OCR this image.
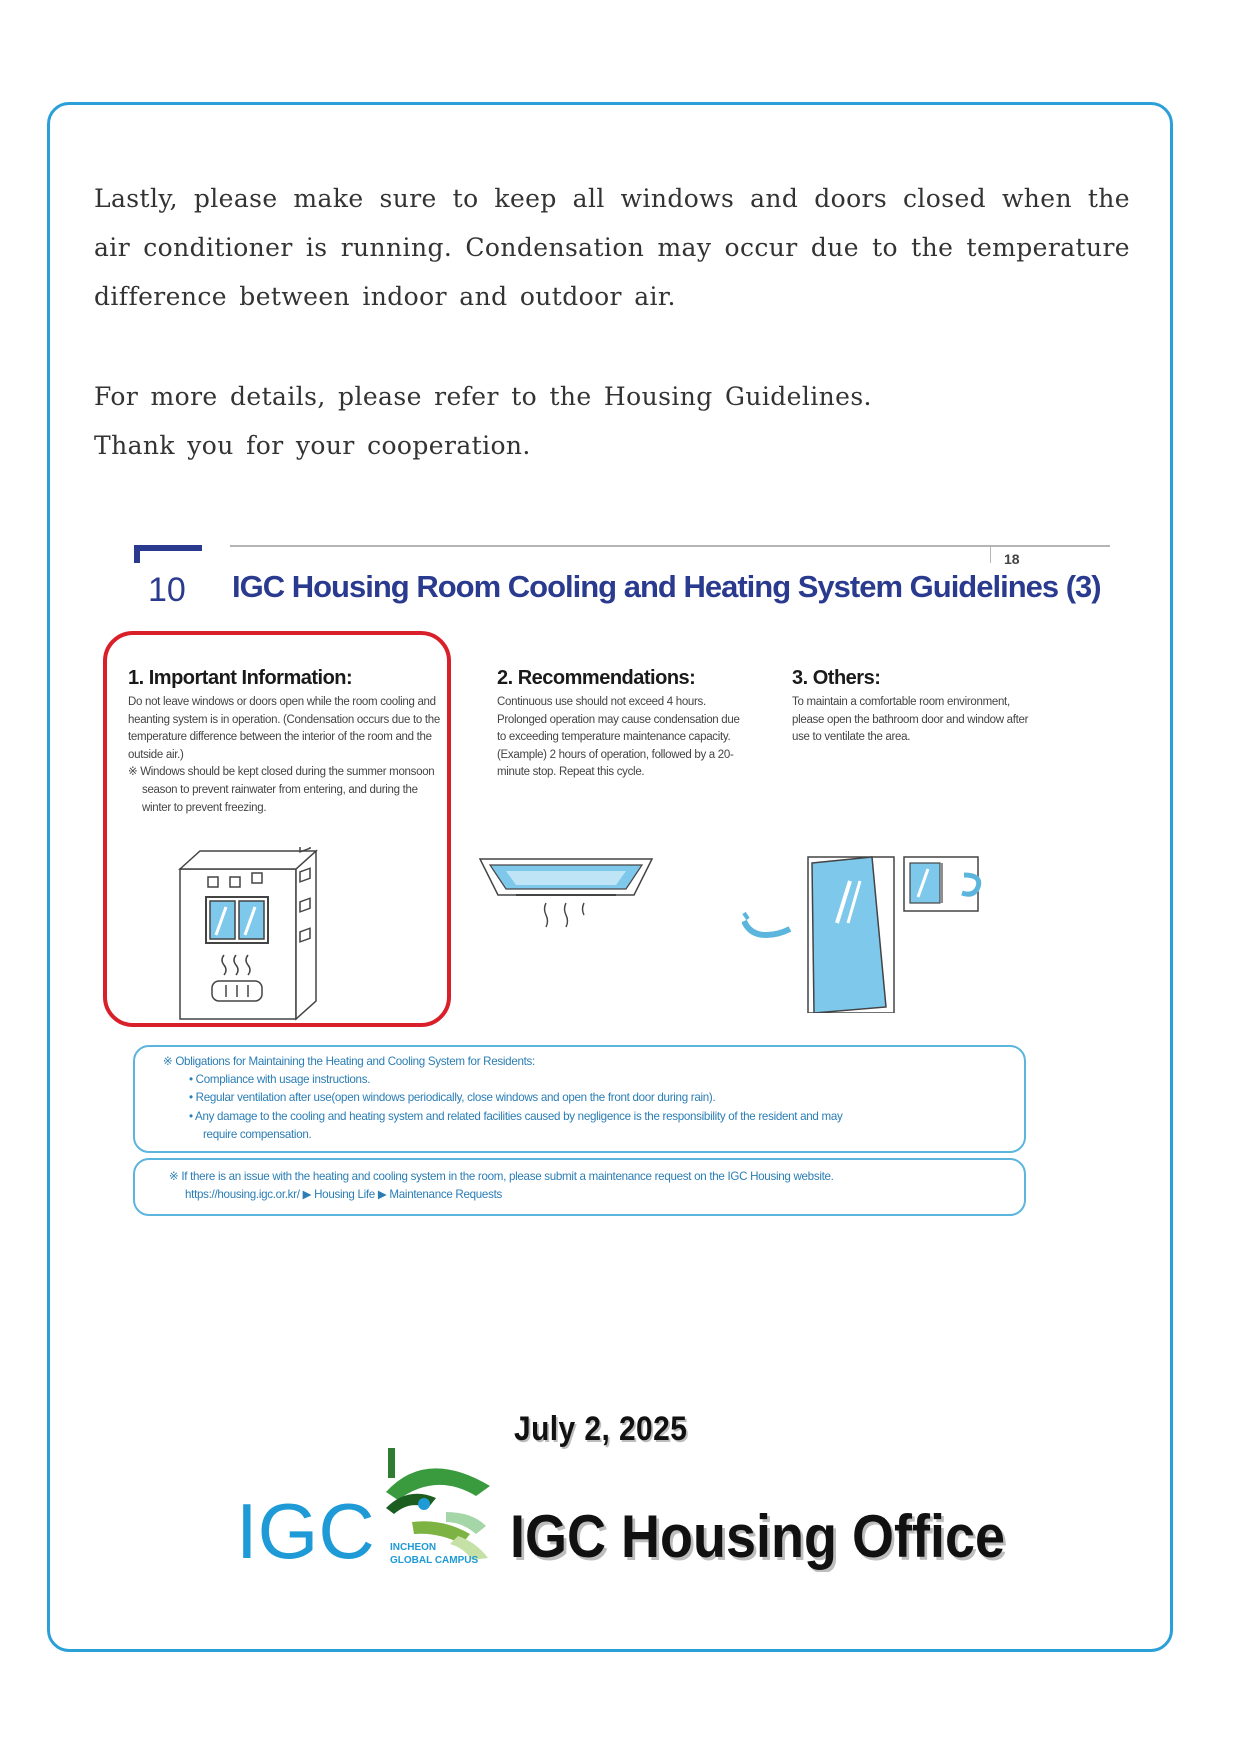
Lastly, please make sure to keep all windows and doors closed when the air conditioner is running. Condensation may occur due to the temperature difference between indoor and outdoor air.
For more details, please refer to the Housing Guidelines.
Thank you for your cooperation.
10
18
IGC Housing Room Cooling and Heating System Guidelines (3)
1. Important Information:

Do not leave windows or doors open while the room cooling and heanting system is in operation. (Condensation occurs due to the temperature difference between the interior of the room and the outside air.)

※ Windows should be kept closed during the summer monsoon season to prevent rainwater from entering, and during the winter to prevent freezing.

2. Recommendations:

Continuous use should not exceed 4 hours. Prolonged operation may cause condensation due to exceeding temperature maintenance capacity.

(Example) 2 hours of operation, followed by a 20-minute stop. Repeat this cycle.

3. Others:

To maintain a comfortable room environment, please open the bathroom door and window after use to ventilate the area.

※ Obligations for Maintaining the Heating and Cooling System for Residents:

• Compliance with usage instructions.

• Regular ventilation after use(open windows periodically, close windows and open the front door during rain).

• Any damage to the cooling and heating system and related facilities caused by negligence is the responsibility of the resident and may

require compensation.

※ If there is an issue with the heating and cooling system in the room, please submit a maintenance request on the IGC Housing website.

https://housing.igc.or.kr/ ▶ Housing Life ▶ Maintenance Requests

July 2, 2025
IGC INCHEON
GLOBAL CAMPUS IGC Housing Office
